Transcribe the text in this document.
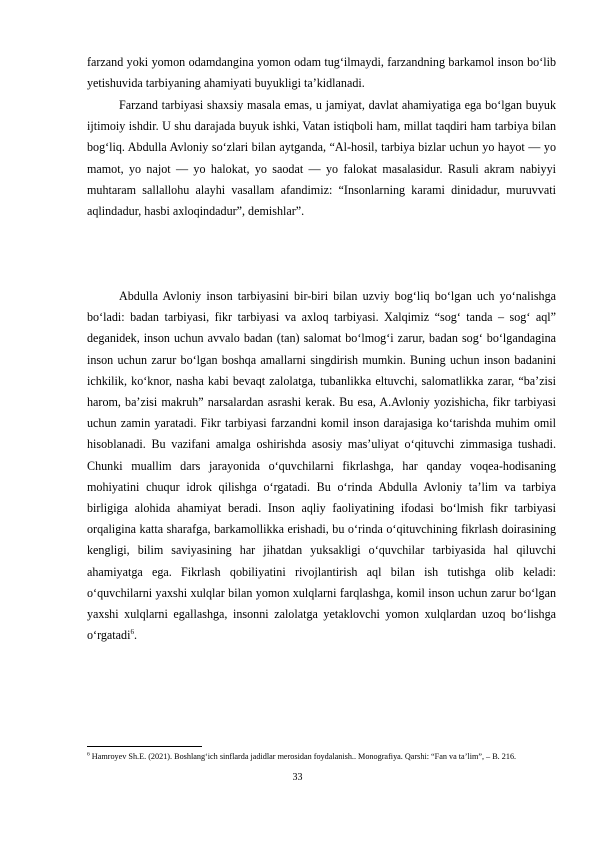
farzand yoki yomon odamdangina yomon odam tug‘ilmaydi, farzandning barkamol inson bo‘lib yetishuvida tarbiyaning ahamiyati buyukligi ta’kidlanadi.

Farzand tarbiyasi shaxsiy masala emas, u jamiyat, davlat ahamiyatiga ega bo‘lgan buyuk ijtimoiy ishdir. U shu darajada buyuk ishki, Vatan istiqboli ham, millat taqdiri ham tarbiya bilan bog‘liq. Abdulla Avloniy so‘zlari bilan aytganda, “Al-hosil, tarbiya bizlar uchun yo hayot — yo mamot, yo najot — yo halokat, yo saodat — yo falokat masalasidur. Rasuli akram nabiyyi muhtaram sallallohu alayhi vasallam afandimiz: “Insonlarning karami dinidadur, muruvvati aqlindadur, hasbi axloqindadur”, demishlar”.

Abdulla Avloniy inson tarbiyasini bir-biri bilan uzviy bog‘liq bo‘lgan uch yo‘nalishga bo‘ladi: badan tarbiyasi, fikr tarbiyasi va axloq tarbiyasi. Xalqimiz “sog‘ tanda – sog‘ aql” deganidek, inson uchun avvalo badan (tan) salomat bo‘lmog‘i zarur, badan sog‘ bo‘lgandagina inson uchun zarur bo‘lgan boshqa amallarni singdirish mumkin. Buning uchun inson badanini ichkilik, ko‘knor, nasha kabi bevaqt zalolatga, tubanlikka eltuvchi, salomatlikka zarar, “ba’zisi harom, ba’zisi makruh” narsalardan asrashi kerak. Bu esa, A.Avloniy yozishicha, fikr tarbiyasi uchun zamin yaratadi. Fikr tarbiyasi farzandni komil inson darajasiga ko‘tarishda muhim omil hisoblanadi. Bu vazifani amalga oshirishda asosiy mas’uliyat o‘qituvchi zimmasiga tushadi. Chunki muallim dars jarayonida o‘quvchilarni fikrlashga, har qanday voqea-hodisaning mohiyatini chuqur idrok qilishga o‘rgatadi. Bu o‘rinda Abdulla Avloniy ta’lim va tarbiya birligiga alohida ahamiyat beradi. Inson aqliy faoliyatining ifodasi bo‘lmish fikr tarbiyasi orqaligina katta sharafga, barkamollikka erishadi, bu o‘rinda o‘qituvchining fikrlash doirasining kengligi, bilim saviyasining har jihatdan yuksakligi o‘quvchilar tarbiyasida hal qiluvchi ahamiyatga ega. Fikrlash qobiliyatini rivojlantirish aql bilan ish tutishga olib keladi: o‘quvchilarni yaxshi xulqlar bilan yomon xulqlarni farqlashga, komil inson uchun zarur bo‘lgan yaxshi xulqlarni egallashga, insonni zalolatga yetaklovchi yomon xulqlardan uzoq bo‘lishga o‘rgatadi$^6$.

$^6$ Hamroyev Sh.E. (2021). Boshlang‘ich sinflarda jadidlar merosidan foydalanish.. Monografiya. Qarshi: “Fan va ta’lim”, – B. 216.
33
